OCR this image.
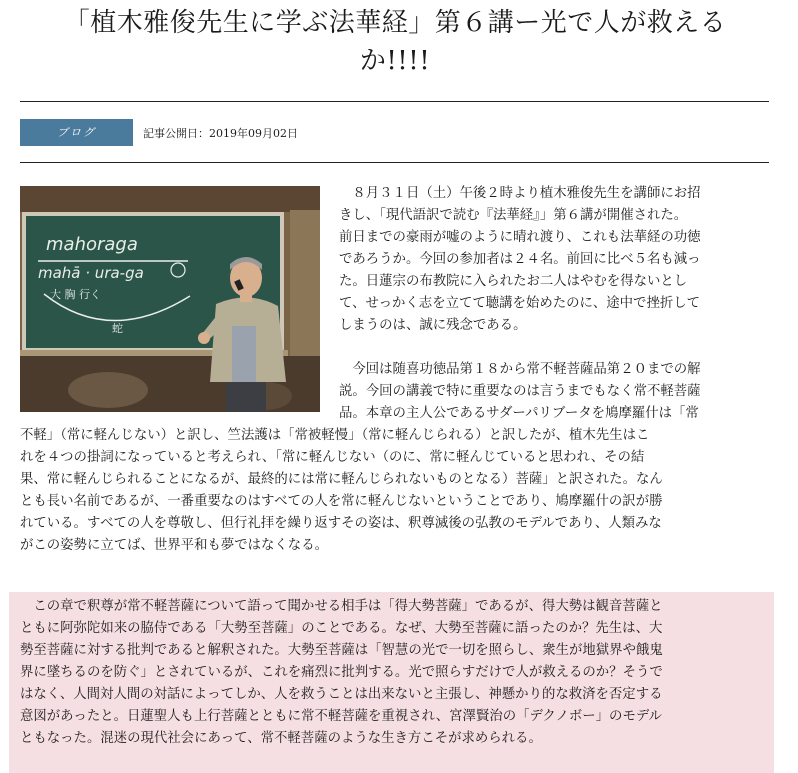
「植木雅俊先生に学ぶ法華経」第６講ー光で人が救える
か!!!!
ブログ	記事公開日：2019年09月02日
mahoraga
mahā · ura-ga
大 胸 行く
蛇
　８月３１日（土）午後２時より植木雅俊先生を講師にお招
きし、「現代語訳で読む『法華経』」第６講が開催された。
前日までの豪雨が嘘のように晴れ渡り、これも法華経の功徳
であろうか。今回の参加者は２４名。前回に比べ５名も減っ
た。日蓮宗の布教院に入られたお二人はやむを得ないとし
て、せっかく志を立てて聴講を始めたのに、途中で挫折して
しまうのは、誠に残念である。
　今回は随喜功徳品第１８から常不軽菩薩品第２０までの解
説。今回の講義で特に重要なのは言うまでもなく常不軽菩薩
品。本章の主人公であるサダーパリブータを鳩摩羅什は「常
不軽」（常に軽んじない）と訳し、竺法護は「常被軽慢」（常に軽んじられる）と訳したが、植木先生はこ
れを４つの掛詞になっていると考えられ、「常に軽んじない（のに、常に軽んじていると思われ、その結
果、常に軽んじられることになるが、最終的には常に軽んじられないものとなる）菩薩」と訳された。なん
とも長い名前であるが、一番重要なのはすべての人を常に軽んじないということであり、鳩摩羅什の訳が勝
れている。すべての人を尊敬し、但行礼拝を繰り返すその姿は、釈尊滅後の弘教のモデルであり、人類みな
がこの姿勢に立てば、世界平和も夢ではなくなる。
　この章で釈尊が常不軽菩薩について語って聞かせる相手は「得大勢菩薩」であるが、得大勢は観音菩薩と
ともに阿弥陀如来の脇侍である「大勢至菩薩」のことである。なぜ、大勢至菩薩に語ったのか？先生は、大
勢至菩薩に対する批判であると解釈された。大勢至菩薩は「智慧の光で一切を照らし、衆生が地獄界や餓鬼
界に墜ちるのを防ぐ」とされているが、これを痛烈に批判する。光で照らすだけで人が救えるのか？そうで
はなく、人間対人間の対話によってしか、人を救うことは出来ないと主張し、神懸かり的な救済を否定する
意図があったと。日蓮聖人も上行菩薩とともに常不軽菩薩を重視され、宮澤賢治の「デクノボー」のモデル
ともなった。混迷の現代社会にあって、常不軽菩薩のような生き方こそが求められる。
